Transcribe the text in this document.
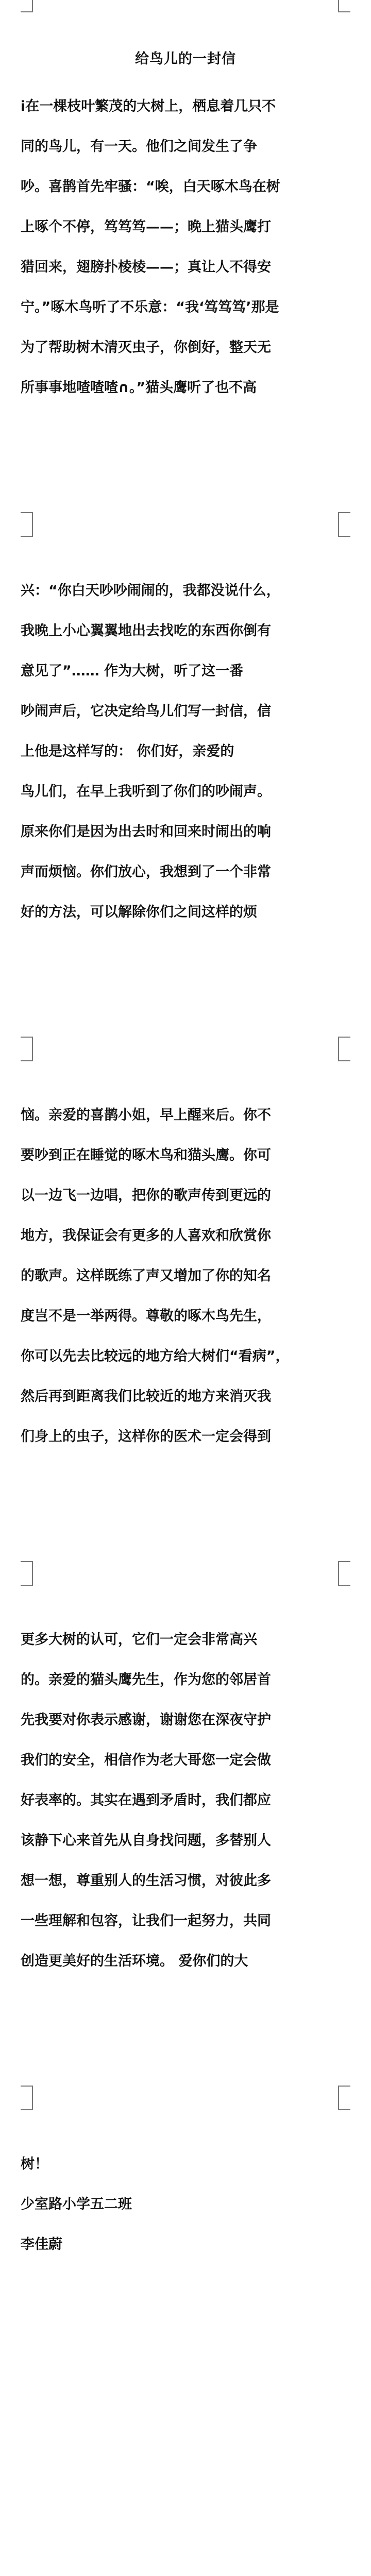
给鸟儿的一封信
i在一棵枝叶繁茂的大树上，栖息着几只不
同的鸟儿，有一天。他们之间发生了争
吵。喜鹊首先牢骚：“唉，白天啄木鸟在树
上啄个不停，笃笃笃——；晚上猫头鹰打
猎回来，翅膀扑棱棱——；真让人不得安
宁。”啄木鸟听了不乐意：“我‘笃笃笃’那是
为了帮助树木清灭虫子，你倒好，整天无
所事事地喳喳喳∩。”猫头鹰听了也不高
兴：“你白天吵吵闹闹的，我都没说什么，
我晚上小心翼翼地出去找吃的东西你倒有
意见了”…… 作为大树，听了这一番
吵闹声后，它决定给鸟儿们写一封信，信
上他是这样写的： 你们好，亲爱的
鸟儿们，在早上我听到了你们的吵闹声。
原来你们是因为出去时和回来时闹出的响
声而烦恼。你们放心，我想到了一个非常
好的方法，可以解除你们之间这样的烦
恼。亲爱的喜鹊小姐，早上醒来后。你不
要吵到正在睡觉的啄木鸟和猫头鹰。你可
以一边飞一边唱，把你的歌声传到更远的
地方，我保证会有更多的人喜欢和欣赏你
的歌声。这样既练了声又增加了你的知名
度岂不是一举两得。尊敬的啄木鸟先生，
你可以先去比较远的地方给大树们“看病”，
然后再到距离我们比较近的地方来消灭我
们身上的虫子，这样你的医术一定会得到
更多大树的认可，它们一定会非常高兴
的。亲爱的猫头鹰先生，作为您的邻居首
先我要对你表示感谢，谢谢您在深夜守护
我们的安全，相信作为老大哥您一定会做
好表率的。其实在遇到矛盾时，我们都应
该静下心来首先从自身找问题，多替别人
想一想，尊重别人的生活习惯，对彼此多
一些理解和包容，让我们一起努力，共同
创造更美好的生活环境。 爱你们的大
树！
少室路小学五二班
李佳蔚
